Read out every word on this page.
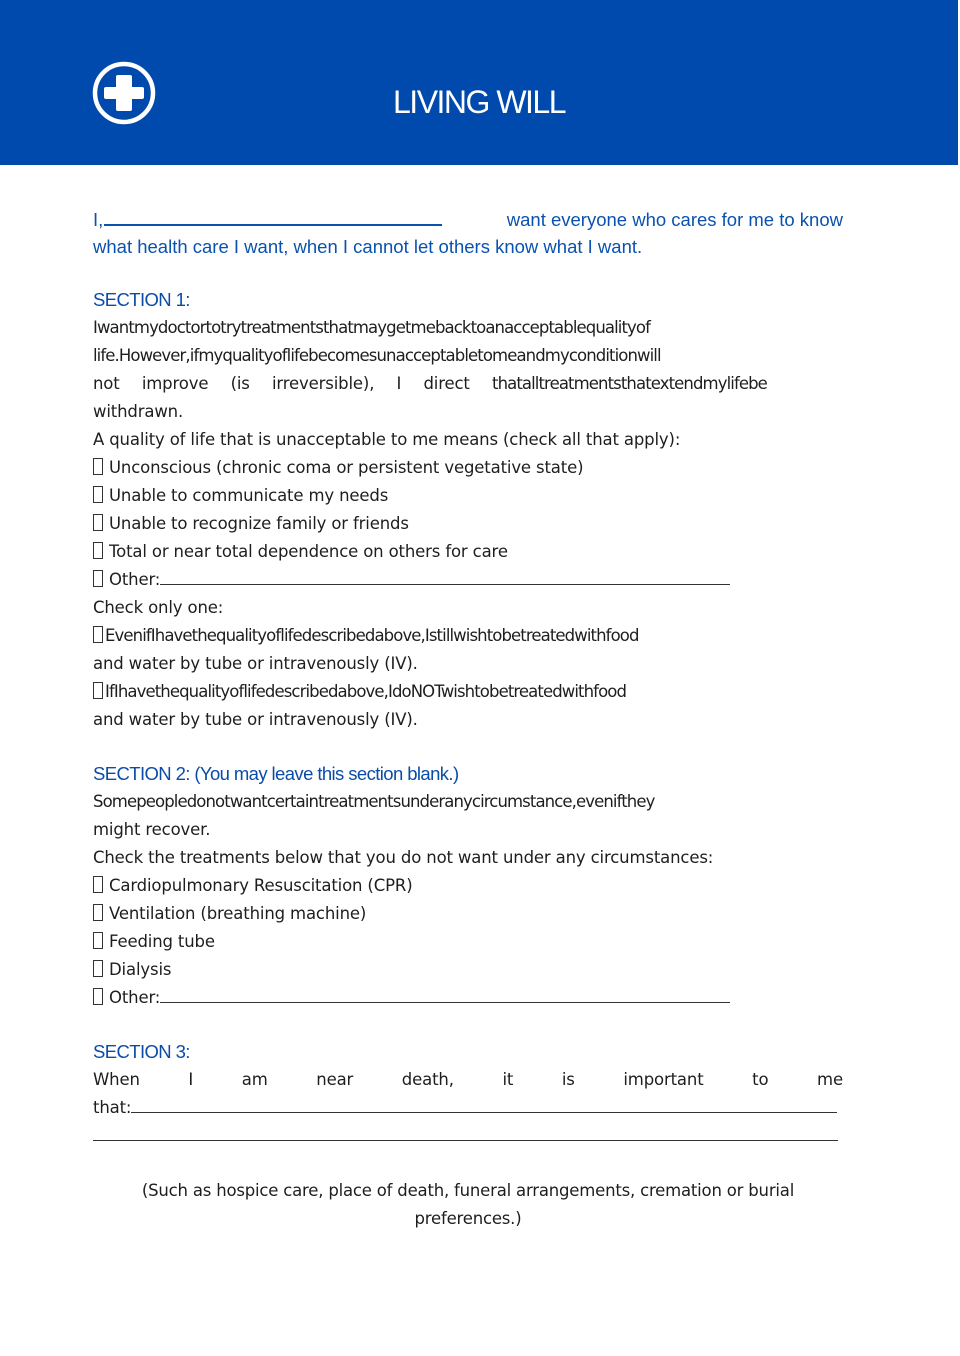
LIVING WILL
I,	want everyone who cares for me to know
what health care I want, when I cannot let others know what I want.
SECTION 1:
Iwantmydoctortotrytreatmentsthatmaygetmebacktoanacceptablequalityof
life.However,ifmyqualityoflifebecomesunacceptabletomeandmyconditionwill
not improve (is irreversible), I direct thatalltreatmentsthatextendmylifebe
withdrawn.
A quality of life that is unacceptable to me means (check all that apply):
Unconscious (chronic coma or persistent vegetative state)
Unable to communicate my needs
Unable to recognize family or friends
Total or near total dependence on others for care
Other:
Check only one:
EvenifIhavethequalityoflifedescribedabove,Istillwishtobetreatedwithfood
and water by tube or intravenously (IV).
IfIhavethequalityoflifedescribedabove,IdoNOTwishtobetreatedwithfood
and water by tube or intravenously (IV).
SECTION 2: (You may leave this section blank.)
Somepeopledonotwantcertaintreatmentsunderanycircumstance,evenifthey
might recover.
Check the treatments below that you do not want under any circumstances:
Cardiopulmonary Resuscitation (CPR)
Ventilation (breathing machine)
Feeding tube
Dialysis
Other:
SECTION 3:
When	I	am	near	death,	it	is	important	to	me
that:
(Such as hospice care, place of death, funeral arrangements, cremation or burial preferences.)
